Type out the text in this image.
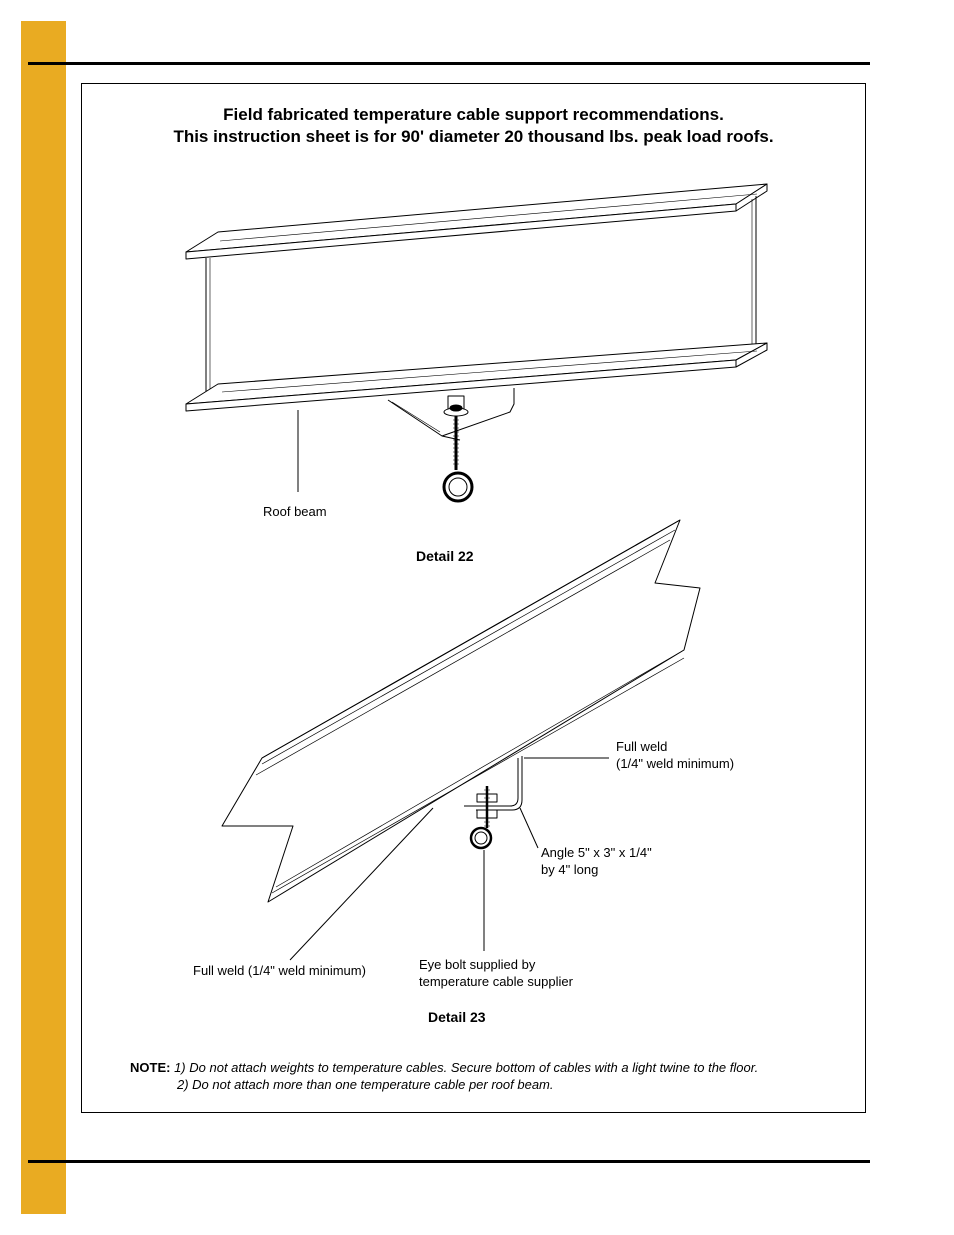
Field fabricated temperature cable support recommendations.
This instruction sheet is for 90' diameter 20 thousand lbs. peak load roofs.
Roof beam
Detail 22
Full weld
(1/4" weld minimum)
Angle 5" x 3" x 1/4"
by 4" long
Full weld (1/4" weld minimum)	Eye bolt supplied by
temperature cable supplier
Detail 23
NOTE: 1) Do not attach weights to temperature cables. Secure bottom of cables with a light twine to the floor.
2) Do not attach more than one temperature cable per roof beam.
